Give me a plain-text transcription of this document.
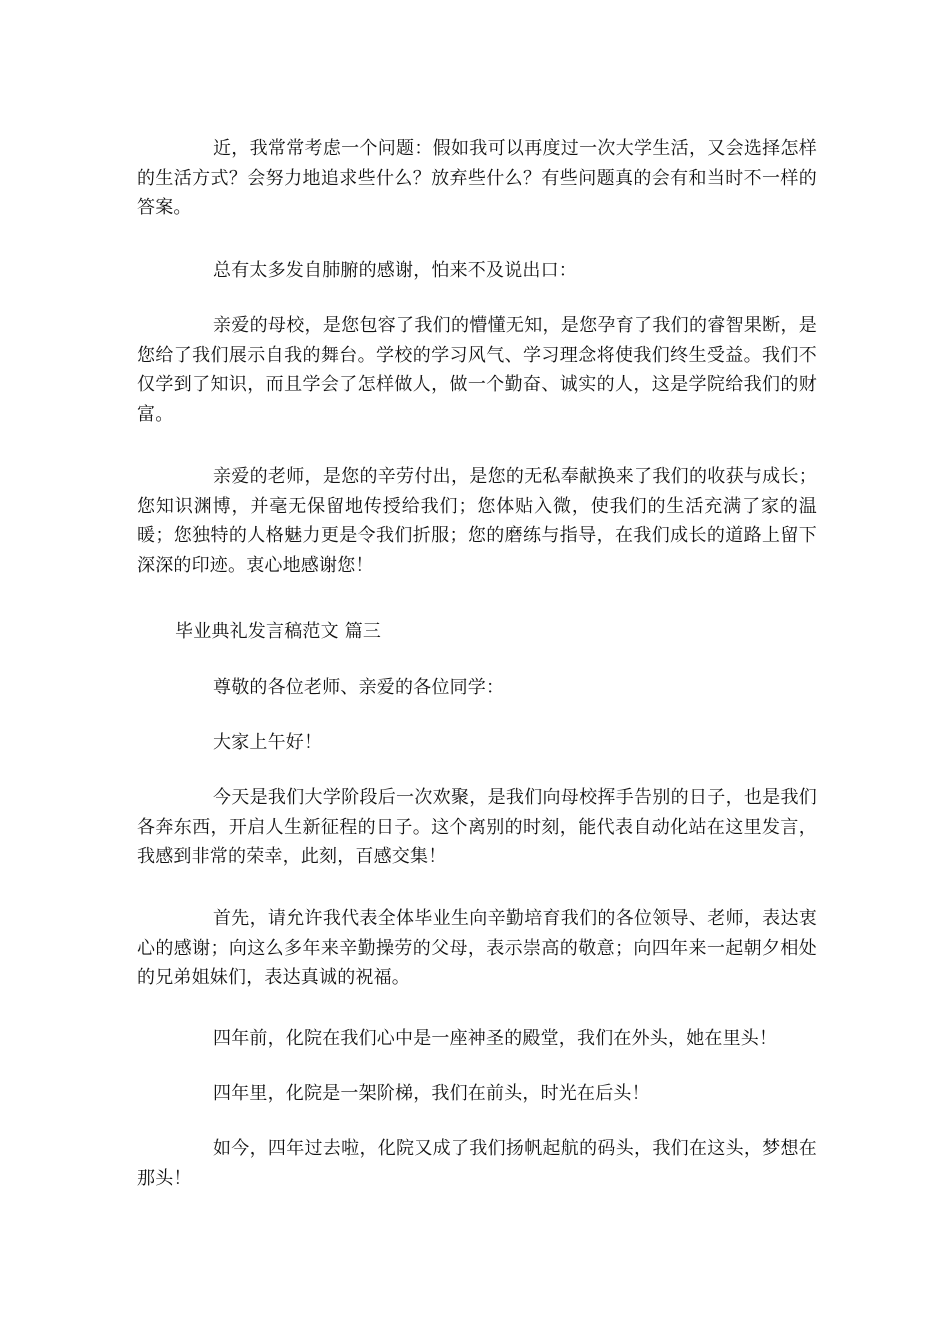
近，我常常考虑一个问题：假如我可以再度过一次大学生活，又会选择怎样的生活方式？会努力地追求些什么？放弃些什么？有些问题真的会有和当时不一样的答案。

总有太多发自肺腑的感谢，怕来不及说出口：

亲爱的母校，是您包容了我们的懵懂无知，是您孕育了我们的睿智果断，是您给了我们展示自我的舞台。学校的学习风气、学习理念将使我们终生受益。我们不仅学到了知识，而且学会了怎样做人，做一个勤奋、诚实的人，这是学院给我们的财富。

亲爱的老师，是您的辛劳付出，是您的无私奉献换来了我们的收获与成长；您知识渊博，并毫无保留地传授给我们；您体贴入微，使我们的生活充满了家的温暖；您独特的人格魅力更是令我们折服；您的磨练与指导，在我们成长的道路上留下深深的印迹。衷心地感谢您！

毕业典礼发言稿范文 篇三

尊敬的各位老师、亲爱的各位同学：

大家上午好！

今天是我们大学阶段后一次欢聚，是我们向母校挥手告别的日子，也是我们各奔东西，开启人生新征程的日子。这个离别的时刻，能代表自动化站在这里发言，我感到非常的荣幸，此刻，百感交集！

首先，请允许我代表全体毕业生向辛勤培育我们的各位领导、老师，表达衷心的感谢；向这么多年来辛勤操劳的父母，表示崇高的敬意；向四年来一起朝夕相处的兄弟姐妹们，表达真诚的祝福。

四年前，化院在我们心中是一座神圣的殿堂，我们在外头，她在里头！

四年里，化院是一架阶梯，我们在前头，时光在后头！

如今，四年过去啦，化院又成了我们扬帆起航的码头，我们在这头，梦想在那头！
